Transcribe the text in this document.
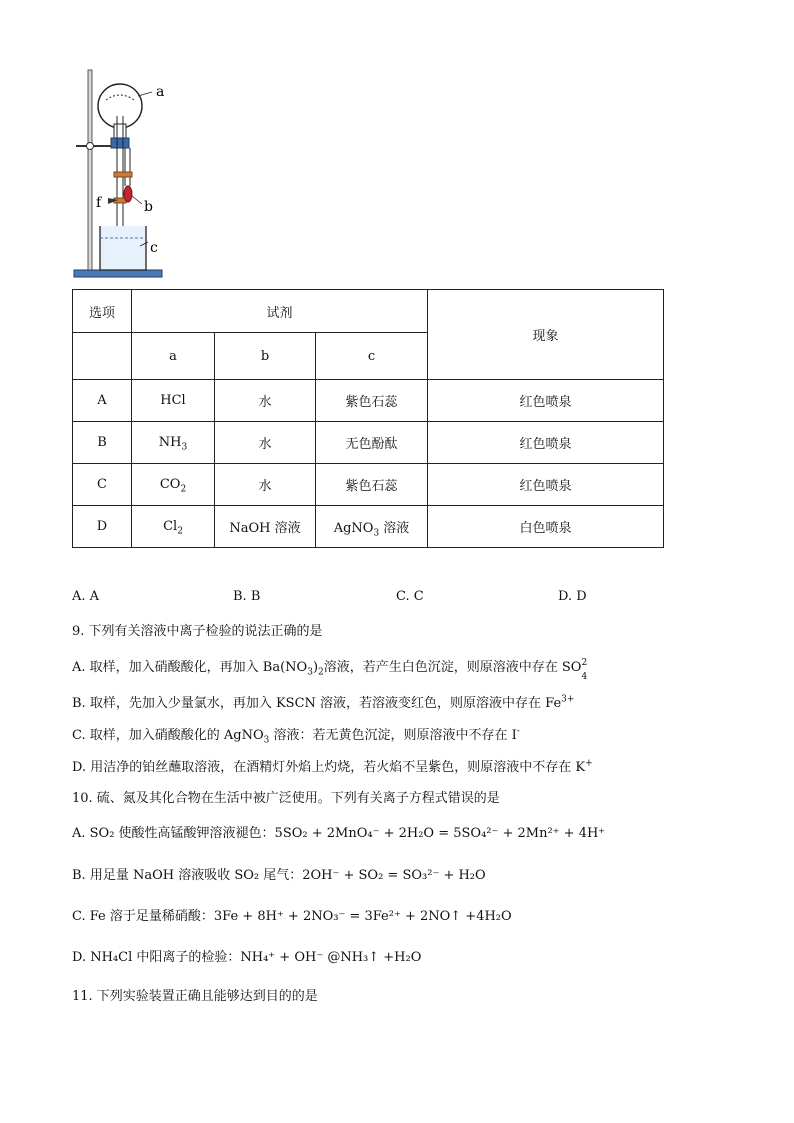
a
b
c
f
选项	试剂			现象
	a	b	c	
A	HCl	水	紫色石蕊	红色喷泉
B	$NH_3$	水	无色酚酞	红色喷泉
C	$CO_2$	水	紫色石蕊	红色喷泉
D	$Cl_2$	NaOH 溶液	AgNO$_3$ 溶液	白色喷泉
A. A	B. B	C. C	D. D
9. 下列有关溶液中离子检验的说法正确的是
A. 取样，加入硝酸酸化，再加入 $Ba(NO_3)_2$溶液，若产生白色沉淀，则原溶液中存在 SO 2
4
B. 取样，先加入少量氯水，再加入 KSCN 溶液，若溶液变红色，则原溶液中存在 $Fe^{3+}$
C. 取样，加入硝酸酸化的 AgNO$_3$ 溶液：若无黄色沉淀，则原溶液中不存在 I-
D. 用洁净的铂丝蘸取溶液，在酒精灯外焰上灼烧，若火焰不呈紫色，则原溶液中不存在 K+
10. 硫、氮及其化合物在生活中被广泛使用。下列有关离子方程式错误的是
A. SO₂ 使酸性高锰酸钾溶液褪色：5SO₂ + 2MnO₄⁻ + 2H₂O = 5SO₄²⁻ + 2Mn²⁺ + 4H⁺
B. 用足量 NaOH 溶液吸收 SO₂ 尾气：2OH⁻ + SO₂ = SO₃²⁻ + H₂O
C. Fe 溶于足量稀硝酸：3Fe + 8H⁺ + 2NO₃⁻ = 3Fe²⁺ + 2NO↑ +4H₂O
D. NH₄Cl 中阳离子的检验：NH₄⁺ + OH⁻ @NH₃↑ +H₂O
11. 下列实验装置正确且能够达到目的的是
